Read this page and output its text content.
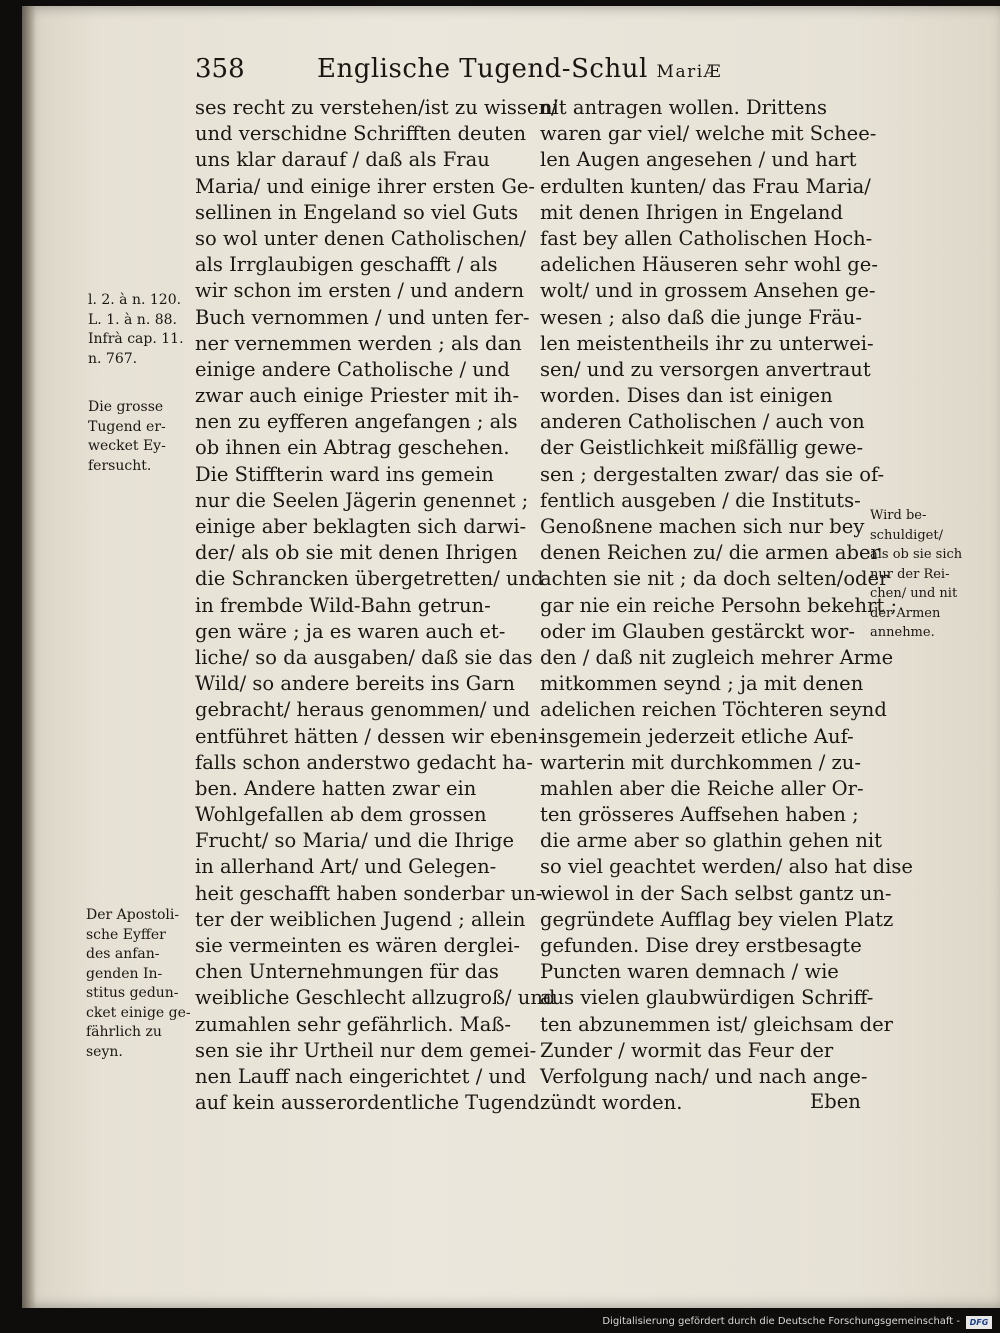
358	Englische Tugend-Schul MariÆ
ses recht zu verstehen/ist zu wissen/
und verschidne Schrifften deuten
uns klar darauf / daß als Frau
Maria/ und einige ihrer ersten Ge-
sellinen in Engeland so viel Guts
so wol unter denen Catholischen/
als Irrglaubigen geschafft / als
wir schon im ersten / und andern
Buch vernommen / und unten fer-
ner vernemmen werden ; als dan
einige andere Catholische / und
zwar auch einige Priester mit ih-
nen zu eyfferen angefangen ; als
ob ihnen ein Abtrag geschehen.
Die Stiffterin ward ins gemein
nur die Seelen Jägerin genennet ;
einige aber beklagten sich darwi-
der/ als ob sie mit denen Ihrigen
die Schrancken übergetretten/ und
in frembde Wild-Bahn getrun-
gen wäre ; ja es waren auch et-
liche/ so da ausgaben/ daß sie das
Wild/ so andere bereits ins Garn
gebracht/ heraus genommen/ und
entführet hätten / dessen wir eben-
falls schon anderstwo gedacht ha-
ben. Andere hatten zwar ein
Wohlgefallen ab dem grossen
Frucht/ so Maria/ und die Ihrige
in allerhand Art/ und Gelegen-
heit geschafft haben sonderbar un-
ter der weiblichen Jugend ; allein
sie vermeinten es wären derglei-
chen Unternehmungen für das
weibliche Geschlecht allzugroß/ und
zumahlen sehr gefährlich. Maß-
sen sie ihr Urtheil nur dem gemei-
nen Lauff nach eingerichtet / und
auf kein ausserordentliche Tugend
nit antragen wollen. Drittens
waren gar viel/ welche mit Schee-
len Augen angesehen / und hart
erdulten kunten/ das Frau Maria/
mit denen Ihrigen in Engeland
fast bey allen Catholischen Hoch-
adelichen Häuseren sehr wohl ge-
wolt/ und in grossem Ansehen ge-
wesen ; also daß die junge Fräu-
len meistentheils ihr zu unterwei-
sen/ und zu versorgen anvertraut
worden. Dises dan ist einigen
anderen Catholischen / auch von
der Geistlichkeit mißfällig gewe-
sen ; dergestalten zwar/ das sie of-
fentlich ausgeben / die Instituts-
Genoßnene machen sich nur bey
denen Reichen zu/ die armen aber
achten sie nit ; da doch selten/oder
gar nie ein reiche Persohn bekehrt ;
oder im Glauben gestärckt wor-
den / daß nit zugleich mehrer Arme
mitkommen seynd ; ja mit denen
adelichen reichen Töchteren seynd
insgemein jederzeit etliche Auf-
warterin mit durchkommen / zu-
mahlen aber die Reiche aller Or-
ten grösseres Auffsehen haben ;
die arme aber so glathin gehen nit
so viel geachtet werden/ also hat dise
wiewol in der Sach selbst gantz un-
gegründete Aufflag bey vielen Platz
gefunden. Dise drey erstbesagte
Puncten waren demnach / wie
aus vielen glaubwürdigen Schriff-
ten abzunemmen ist/ gleichsam der
Zunder / wormit das Feur der
Verfolgung nach/ und nach ange-
zündt worden.
l. 2. à n. 120.
L. 1. à n. 88.
Infrà cap. 11.
n. 767.
Die grosse
Tugend er-
wecket Ey-
fersucht.
Der Apostoli-
sche Eyffer
des anfan-
genden In-
stitus gedun-
cket einige ge-
fährlich zu
seyn.
Wird be-
schuldiget/
als ob sie sich
nur der Rei-
chen/ und nit
der Armen
annehme.
Eben
Digitalisierung gefördert durch die Deutsche Forschungsgemeinschaft -	DFG
